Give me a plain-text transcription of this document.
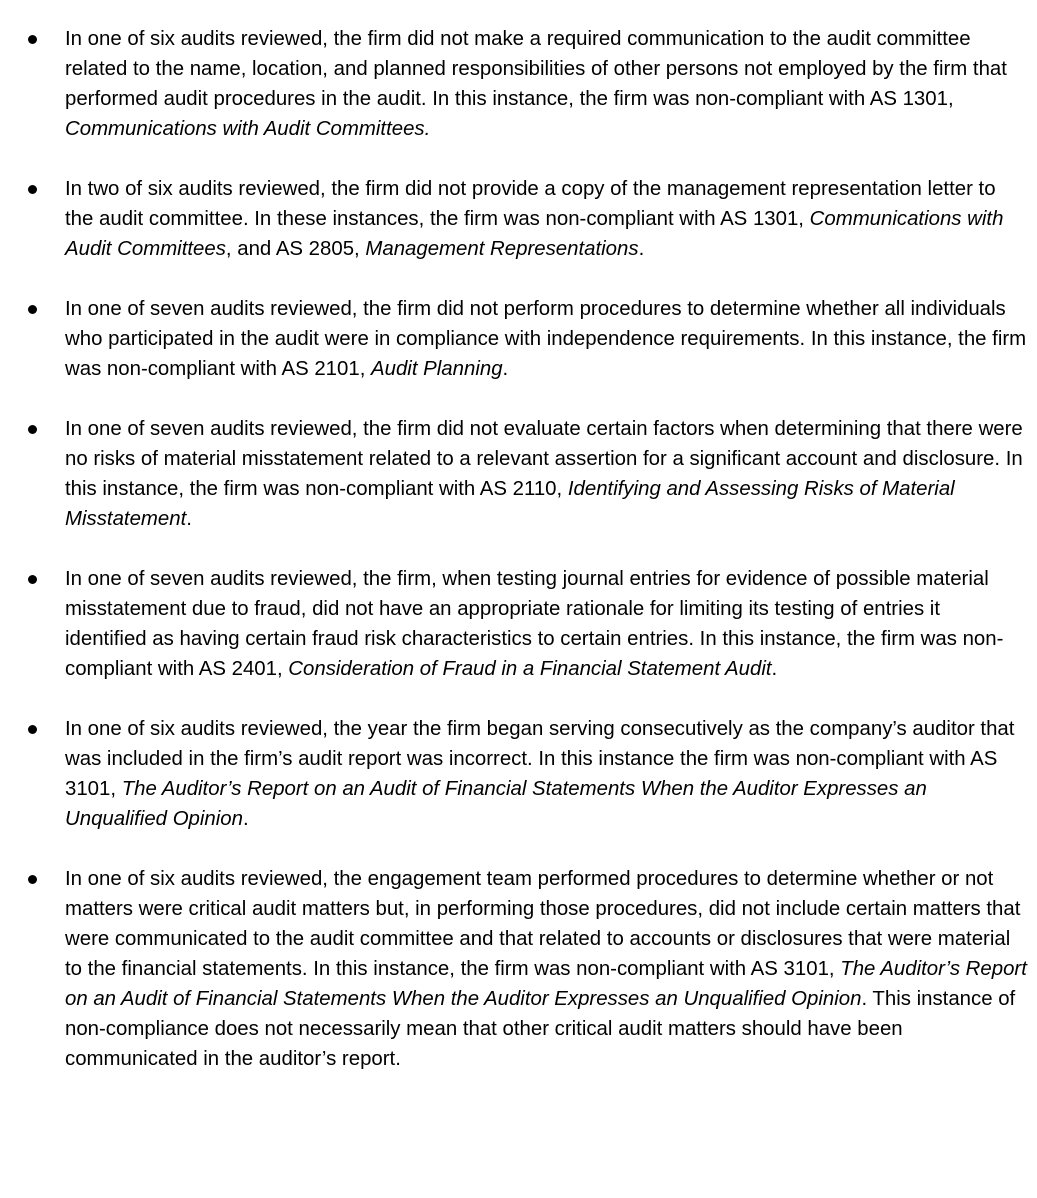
In one of six audits reviewed, the firm did not make a required communication to the audit committee related to the name, location, and planned responsibilities of other persons not employed by the firm that performed audit procedures in the audit. In this instance, the firm was non-compliant with AS 1301, Communications with Audit Committees.
In two of six audits reviewed, the firm did not provide a copy of the management representation letter to the audit committee. In these instances, the firm was non-compliant with AS 1301, Communications with Audit Committees, and AS 2805, Management Representations.
In one of seven audits reviewed, the firm did not perform procedures to determine whether all individuals who participated in the audit were in compliance with independence requirements. In this instance, the firm was non-compliant with AS 2101, Audit Planning.
In one of seven audits reviewed, the firm did not evaluate certain factors when determining that there were no risks of material misstatement related to a relevant assertion for a significant account and disclosure. In this instance, the firm was non-compliant with AS 2110, Identifying and Assessing Risks of Material Misstatement.
In one of seven audits reviewed, the firm, when testing journal entries for evidence of possible material misstatement due to fraud, did not have an appropriate rationale for limiting its testing of entries it identified as having certain fraud risk characteristics to certain entries. In this instance, the firm was non-compliant with AS 2401, Consideration of Fraud in a Financial Statement Audit.
In one of six audits reviewed, the year the firm began serving consecutively as the company’s auditor that was included in the firm’s audit report was incorrect. In this instance the firm was non-compliant with AS 3101, The Auditor’s Report on an Audit of Financial Statements When the Auditor Expresses an Unqualified Opinion.
In one of six audits reviewed, the engagement team performed procedures to determine whether or not matters were critical audit matters but, in performing those procedures, did not include certain matters that were communicated to the audit committee and that related to accounts or disclosures that were material to the financial statements. In this instance, the firm was non-compliant with AS 3101, The Auditor’s Report on an Audit of Financial Statements When the Auditor Expresses an Unqualified Opinion. This instance of non-compliance does not necessarily mean that other critical audit matters should have been communicated in the auditor’s report.
